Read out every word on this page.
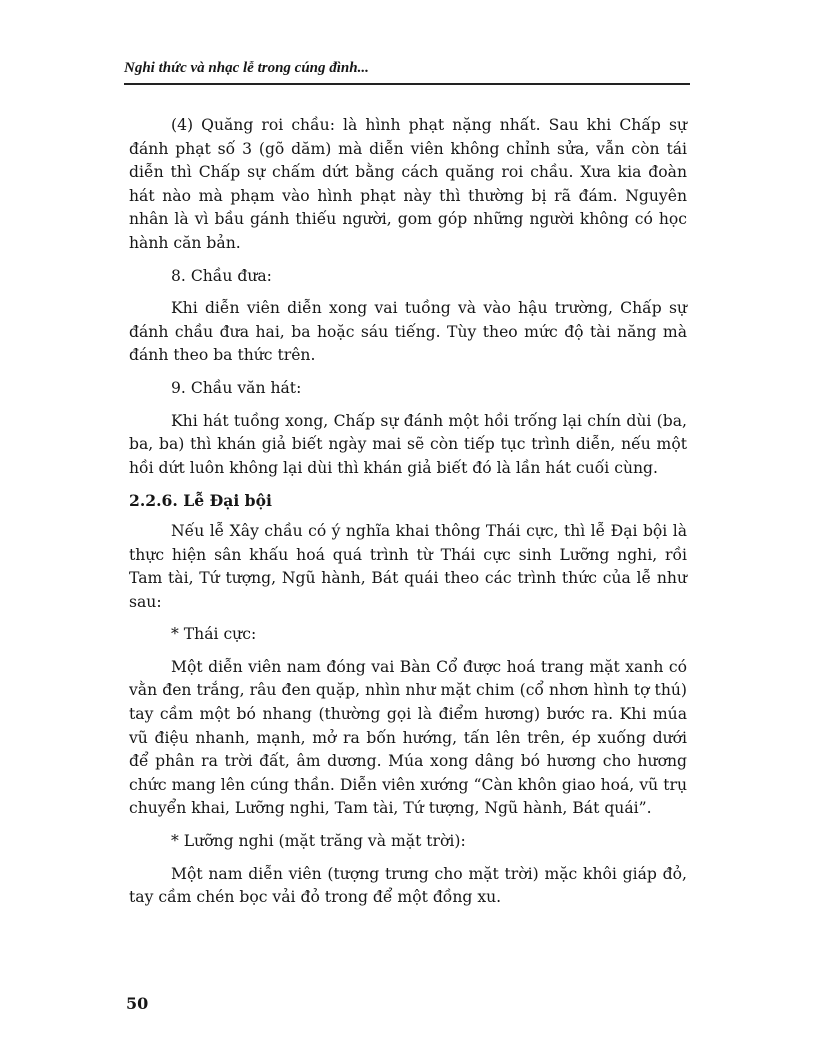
Nghi thức và nhạc lễ trong cúng đình...

(4) Quăng roi chầu: là hình phạt nặng nhất. Sau khi Chấp sự đánh phạt số 3 (gõ dăm) mà diễn viên không chỉnh sửa, vẫn còn tái diễn thì Chấp sự chấm dứt bằng cách quăng roi chầu. Xưa kia đoàn hát nào mà phạm vào hình phạt này thì thường bị rã đám. Nguyên nhân là vì bầu gánh thiếu người, gom góp những người không có học hành căn bản.

8. Chầu đưa:

Khi diễn viên diễn xong vai tuồng và vào hậu trường, Chấp sự đánh chầu đưa hai, ba hoặc sáu tiếng. Tùy theo mức độ tài năng mà đánh theo ba thức trên.

9. Chầu văn hát:

Khi hát tuồng xong, Chấp sự đánh một hồi trống lại chín dùi (ba, ba, ba) thì khán giả biết ngày mai sẽ còn tiếp tục trình diễn, nếu một hồi dứt luôn không lại dùi thì khán giả biết đó là lần hát cuối cùng.

2.2.6. Lễ Đại bội

Nếu lễ Xây chầu có ý nghĩa khai thông Thái cực, thì lễ Đại bội là thực hiện sân khấu hoá quá trình từ Thái cực sinh Lưỡng nghi, rồi Tam tài, Tứ tượng, Ngũ hành, Bát quái theo các trình thức của lễ như sau:

* Thái cực:

Một diễn viên nam đóng vai Bàn Cổ được hoá trang mặt xanh có vằn đen trắng, râu đen quặp, nhìn như mặt chim (cổ nhơn hình tợ thú) tay cầm một bó nhang (thường gọi là điểm hương) bước ra. Khi múa vũ điệu nhanh, mạnh, mở ra bốn hướng, tấn lên trên, ép xuống dưới để phân ra trời đất, âm dương. Múa xong dâng bó hương cho hương chức mang lên cúng thần. Diễn viên xướng “Càn khôn giao hoá, vũ trụ chuyển khai, Lưỡng nghi, Tam tài, Tứ tượng, Ngũ hành, Bát quái”.

* Lưỡng nghi (mặt trăng và mặt trời):

Một nam diễn viên (tượng trưng cho mặt trời) mặc khôi giáp đỏ, tay cầm chén bọc vải đỏ trong để một đồng xu.

50
